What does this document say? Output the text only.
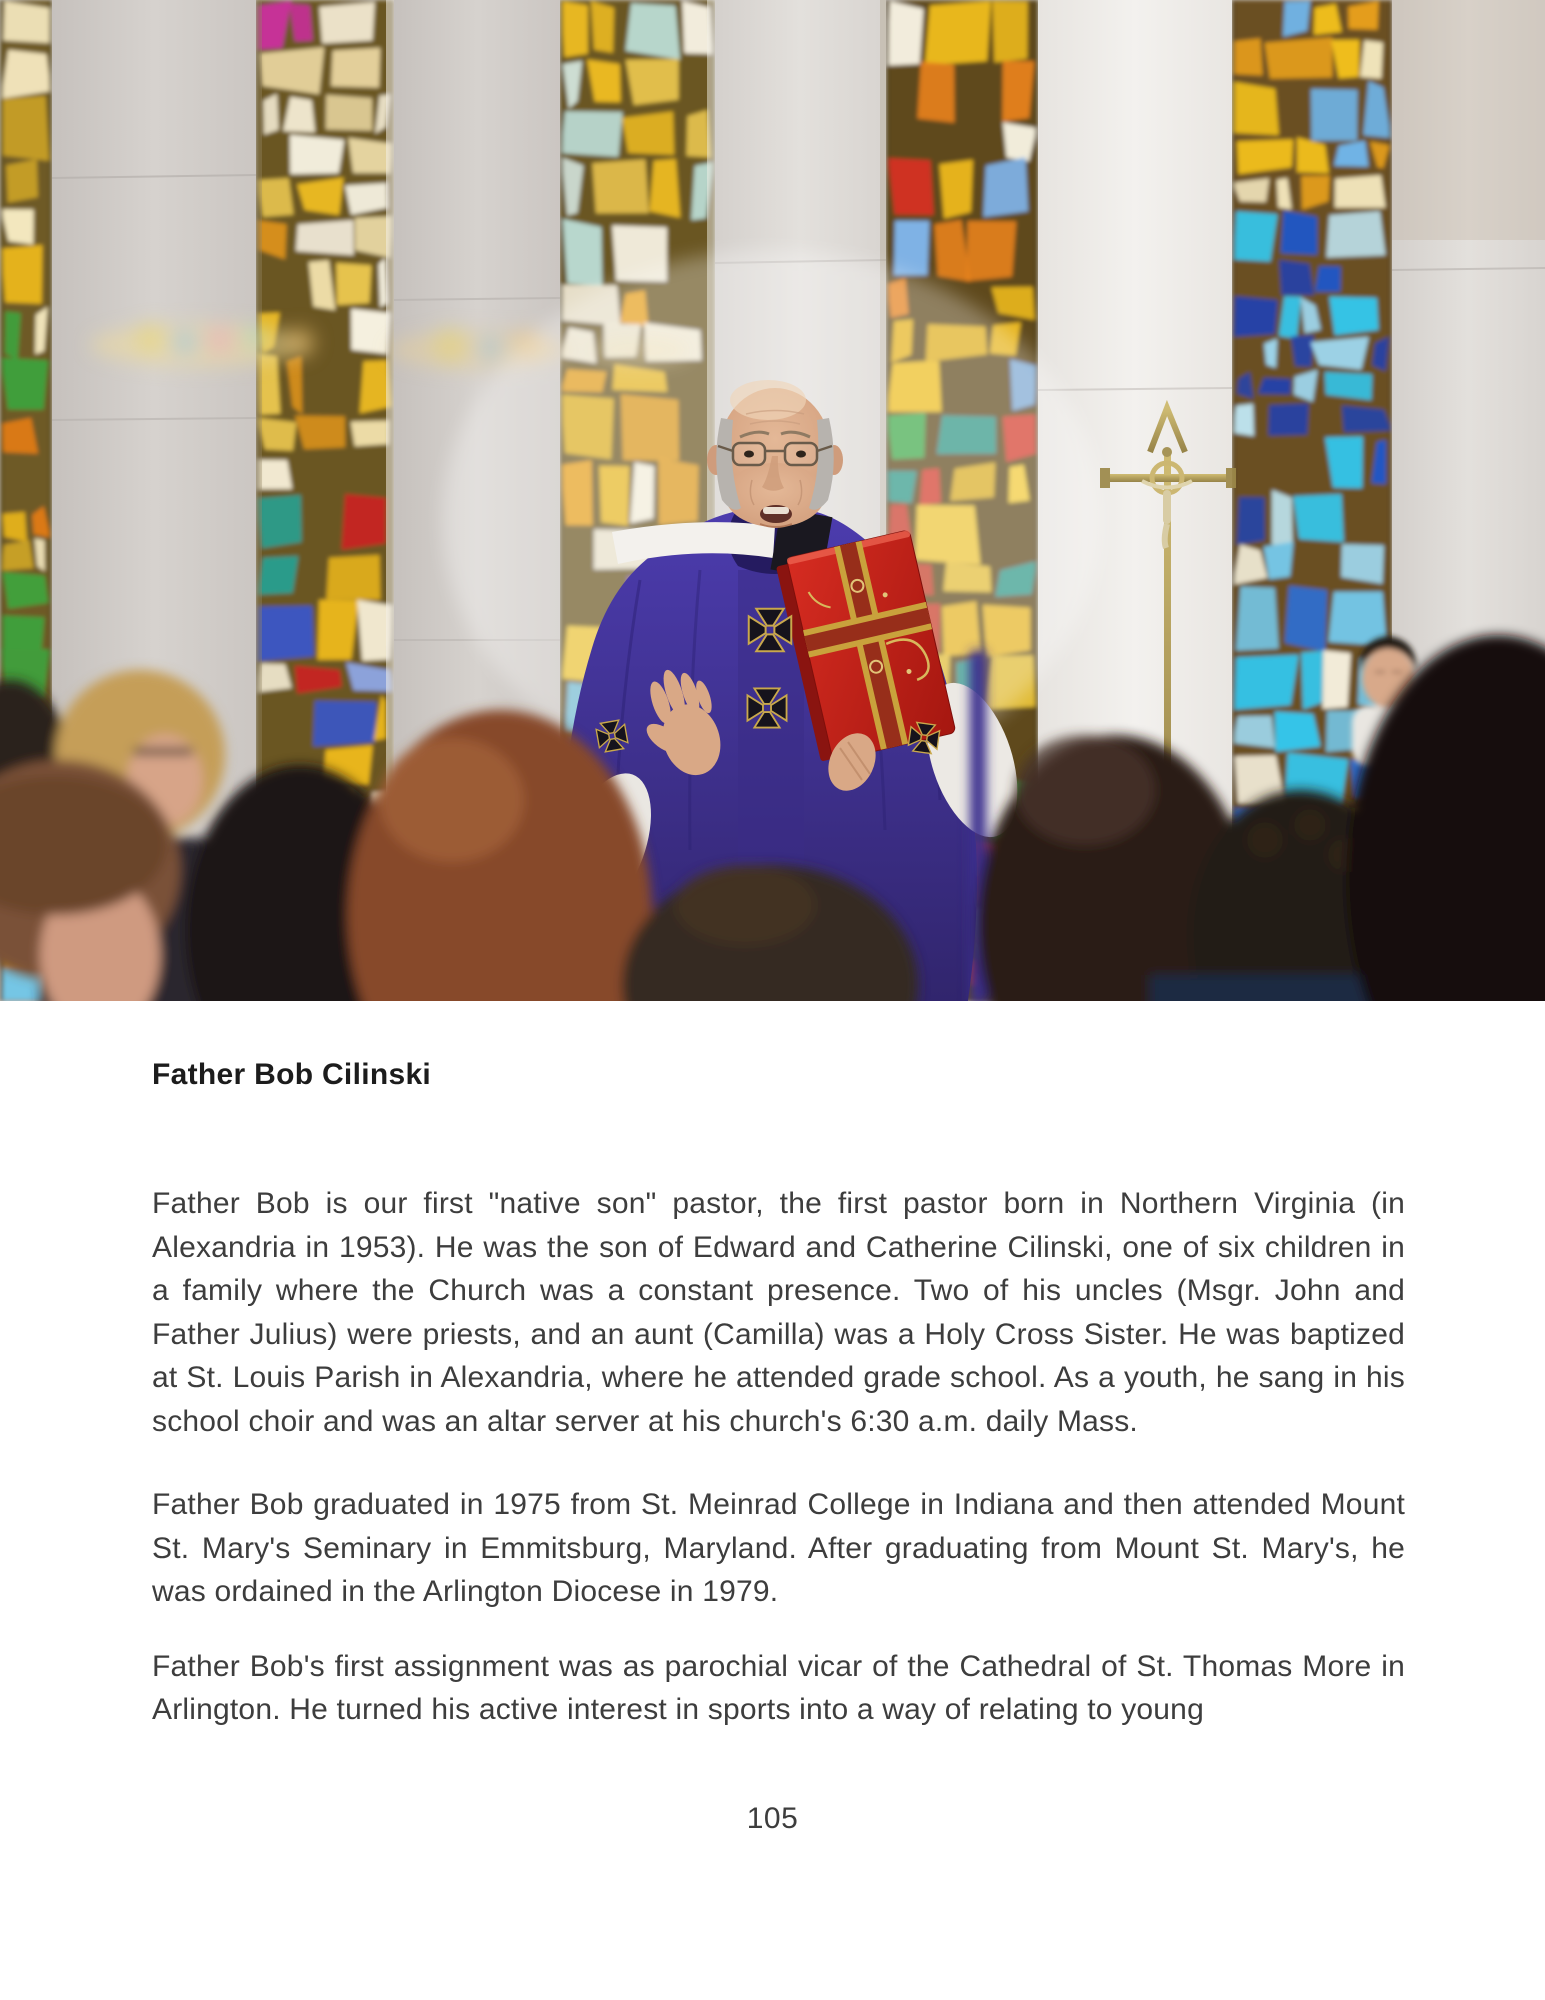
Father Bob Cilinski

Father Bob is our first "native son" pastor, the first pastor born in Northern Virginia (in Alexandria in 1953). He was the son of Edward and Catherine Cilinski, one of six children in a family where the Church was a constant presence. Two of his uncles (Msgr. John and Father Julius) were priests, and an aunt (Camilla) was a Holy Cross Sister. He was baptized at St. Louis Parish in Alexandria, where he attended grade school. As a youth, he sang in his school choir and was an altar server at his church's 6:30 a.m. daily Mass.

Father Bob graduated in 1975 from St. Meinrad College in Indiana and then attended Mount St. Mary's Seminary in Emmitsburg, Maryland. After graduating from Mount St. Mary's, he was ordained in the Arlington Diocese in 1979.

Father Bob's first assignment was as parochial vicar of the Cathedral of St. Thomas More in Arlington. He turned his active interest in sports into a way of relating to young

105
